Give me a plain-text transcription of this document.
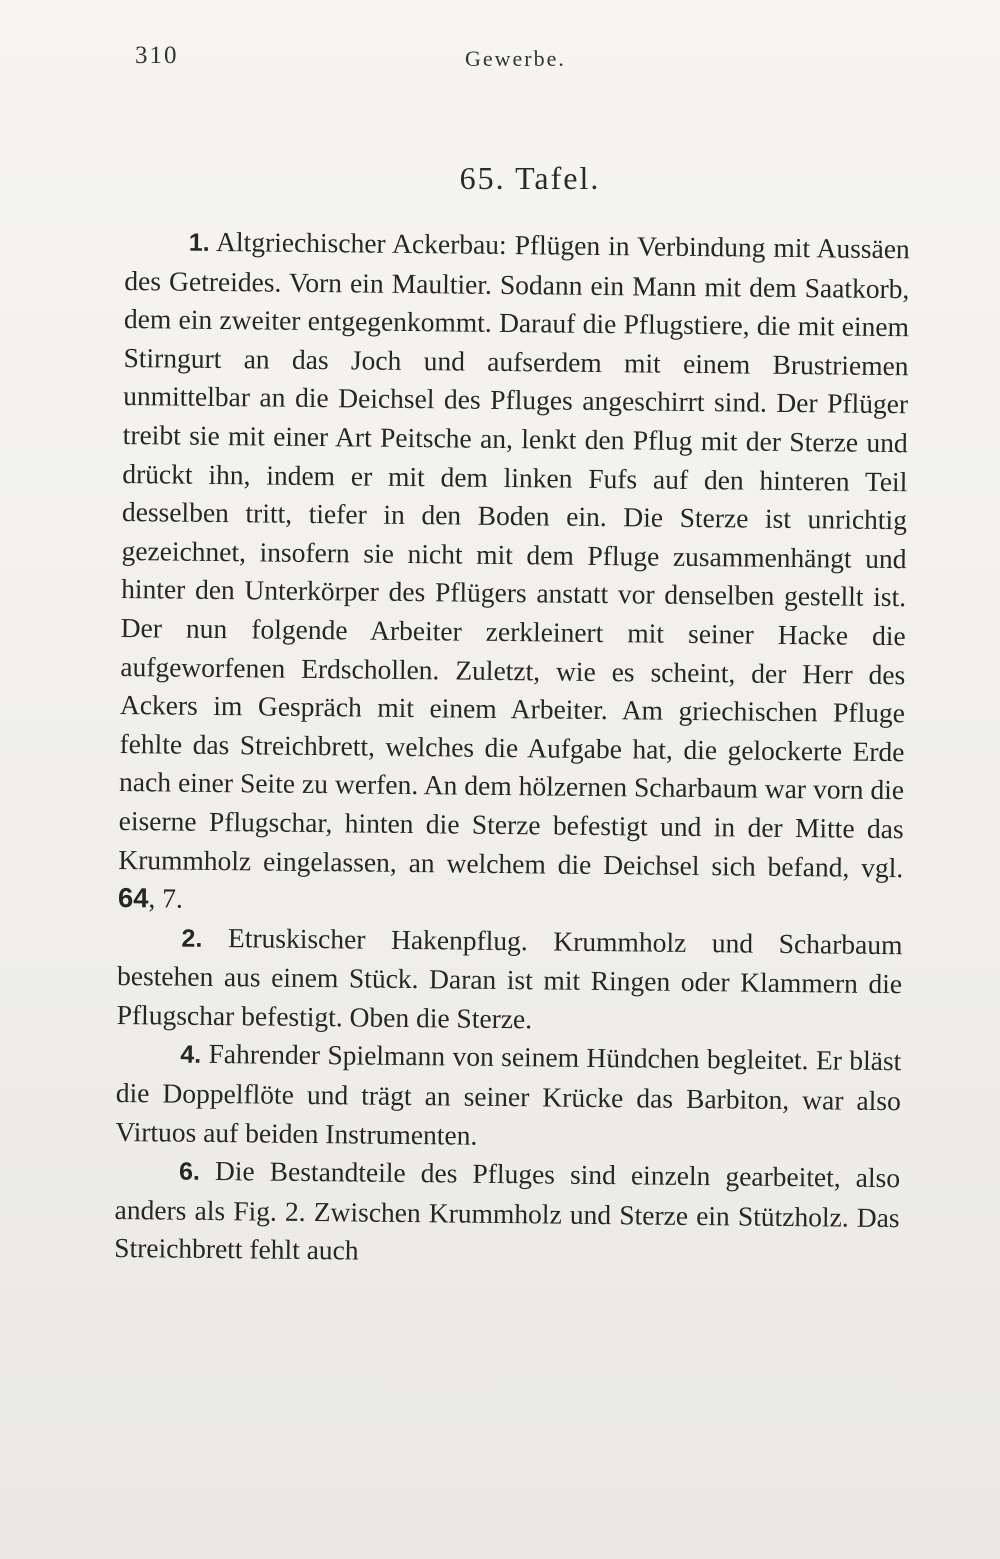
310	Gewerbe.
65. Tafel.

1. Altgriechischer Ackerbau: Pflügen in Verbindung mit Aussäen des Getreides. Vorn ein Maultier. Sodann ein Mann mit dem Saatkorb, dem ein zweiter entgegenkommt. Darauf die Pflugstiere, die mit einem Stirngurt an das Joch und aufserdem mit einem Brustriemen unmittelbar an die Deichsel des Pfluges angeschirrt sind. Der Pflüger treibt sie mit einer Art Peitsche an, lenkt den Pflug mit der Sterze und drückt ihn, indem er mit dem linken Fufs auf den hinteren Teil desselben tritt, tiefer in den Boden ein. Die Sterze ist unrichtig gezeichnet, insofern sie nicht mit dem Pfluge zusammenhängt und hinter den Unterkörper des Pflügers anstatt vor denselben gestellt ist. Der nun folgende Arbeiter zerkleinert mit seiner Hacke die aufgeworfenen Erdschollen. Zuletzt, wie es scheint, der Herr des Ackers im Gespräch mit einem Arbeiter. Am griechischen Pfluge fehlte das Streichbrett, welches die Aufgabe hat, die gelockerte Erde nach einer Seite zu werfen. An dem hölzernen Scharbaum war vorn die eiserne Pflugschar, hinten die Sterze befestigt und in der Mitte das Krummholz eingelassen, an welchem die Deichsel sich befand, vgl. 64, 7.

2. Etruskischer Hakenpflug. Krummholz und Scharbaum bestehen aus einem Stück. Daran ist mit Ringen oder Klammern die Pflugschar befestigt. Oben die Sterze.

4. Fahrender Spielmann von seinem Hündchen begleitet. Er bläst die Doppelflöte und trägt an seiner Krücke das Barbiton, war also Virtuos auf beiden Instrumenten.

6. Die Bestandteile des Pfluges sind einzeln gearbeitet, also anders als Fig. 2. Zwischen Krummholz und Sterze ein Stützholz. Das Streichbrett fehlt auch
